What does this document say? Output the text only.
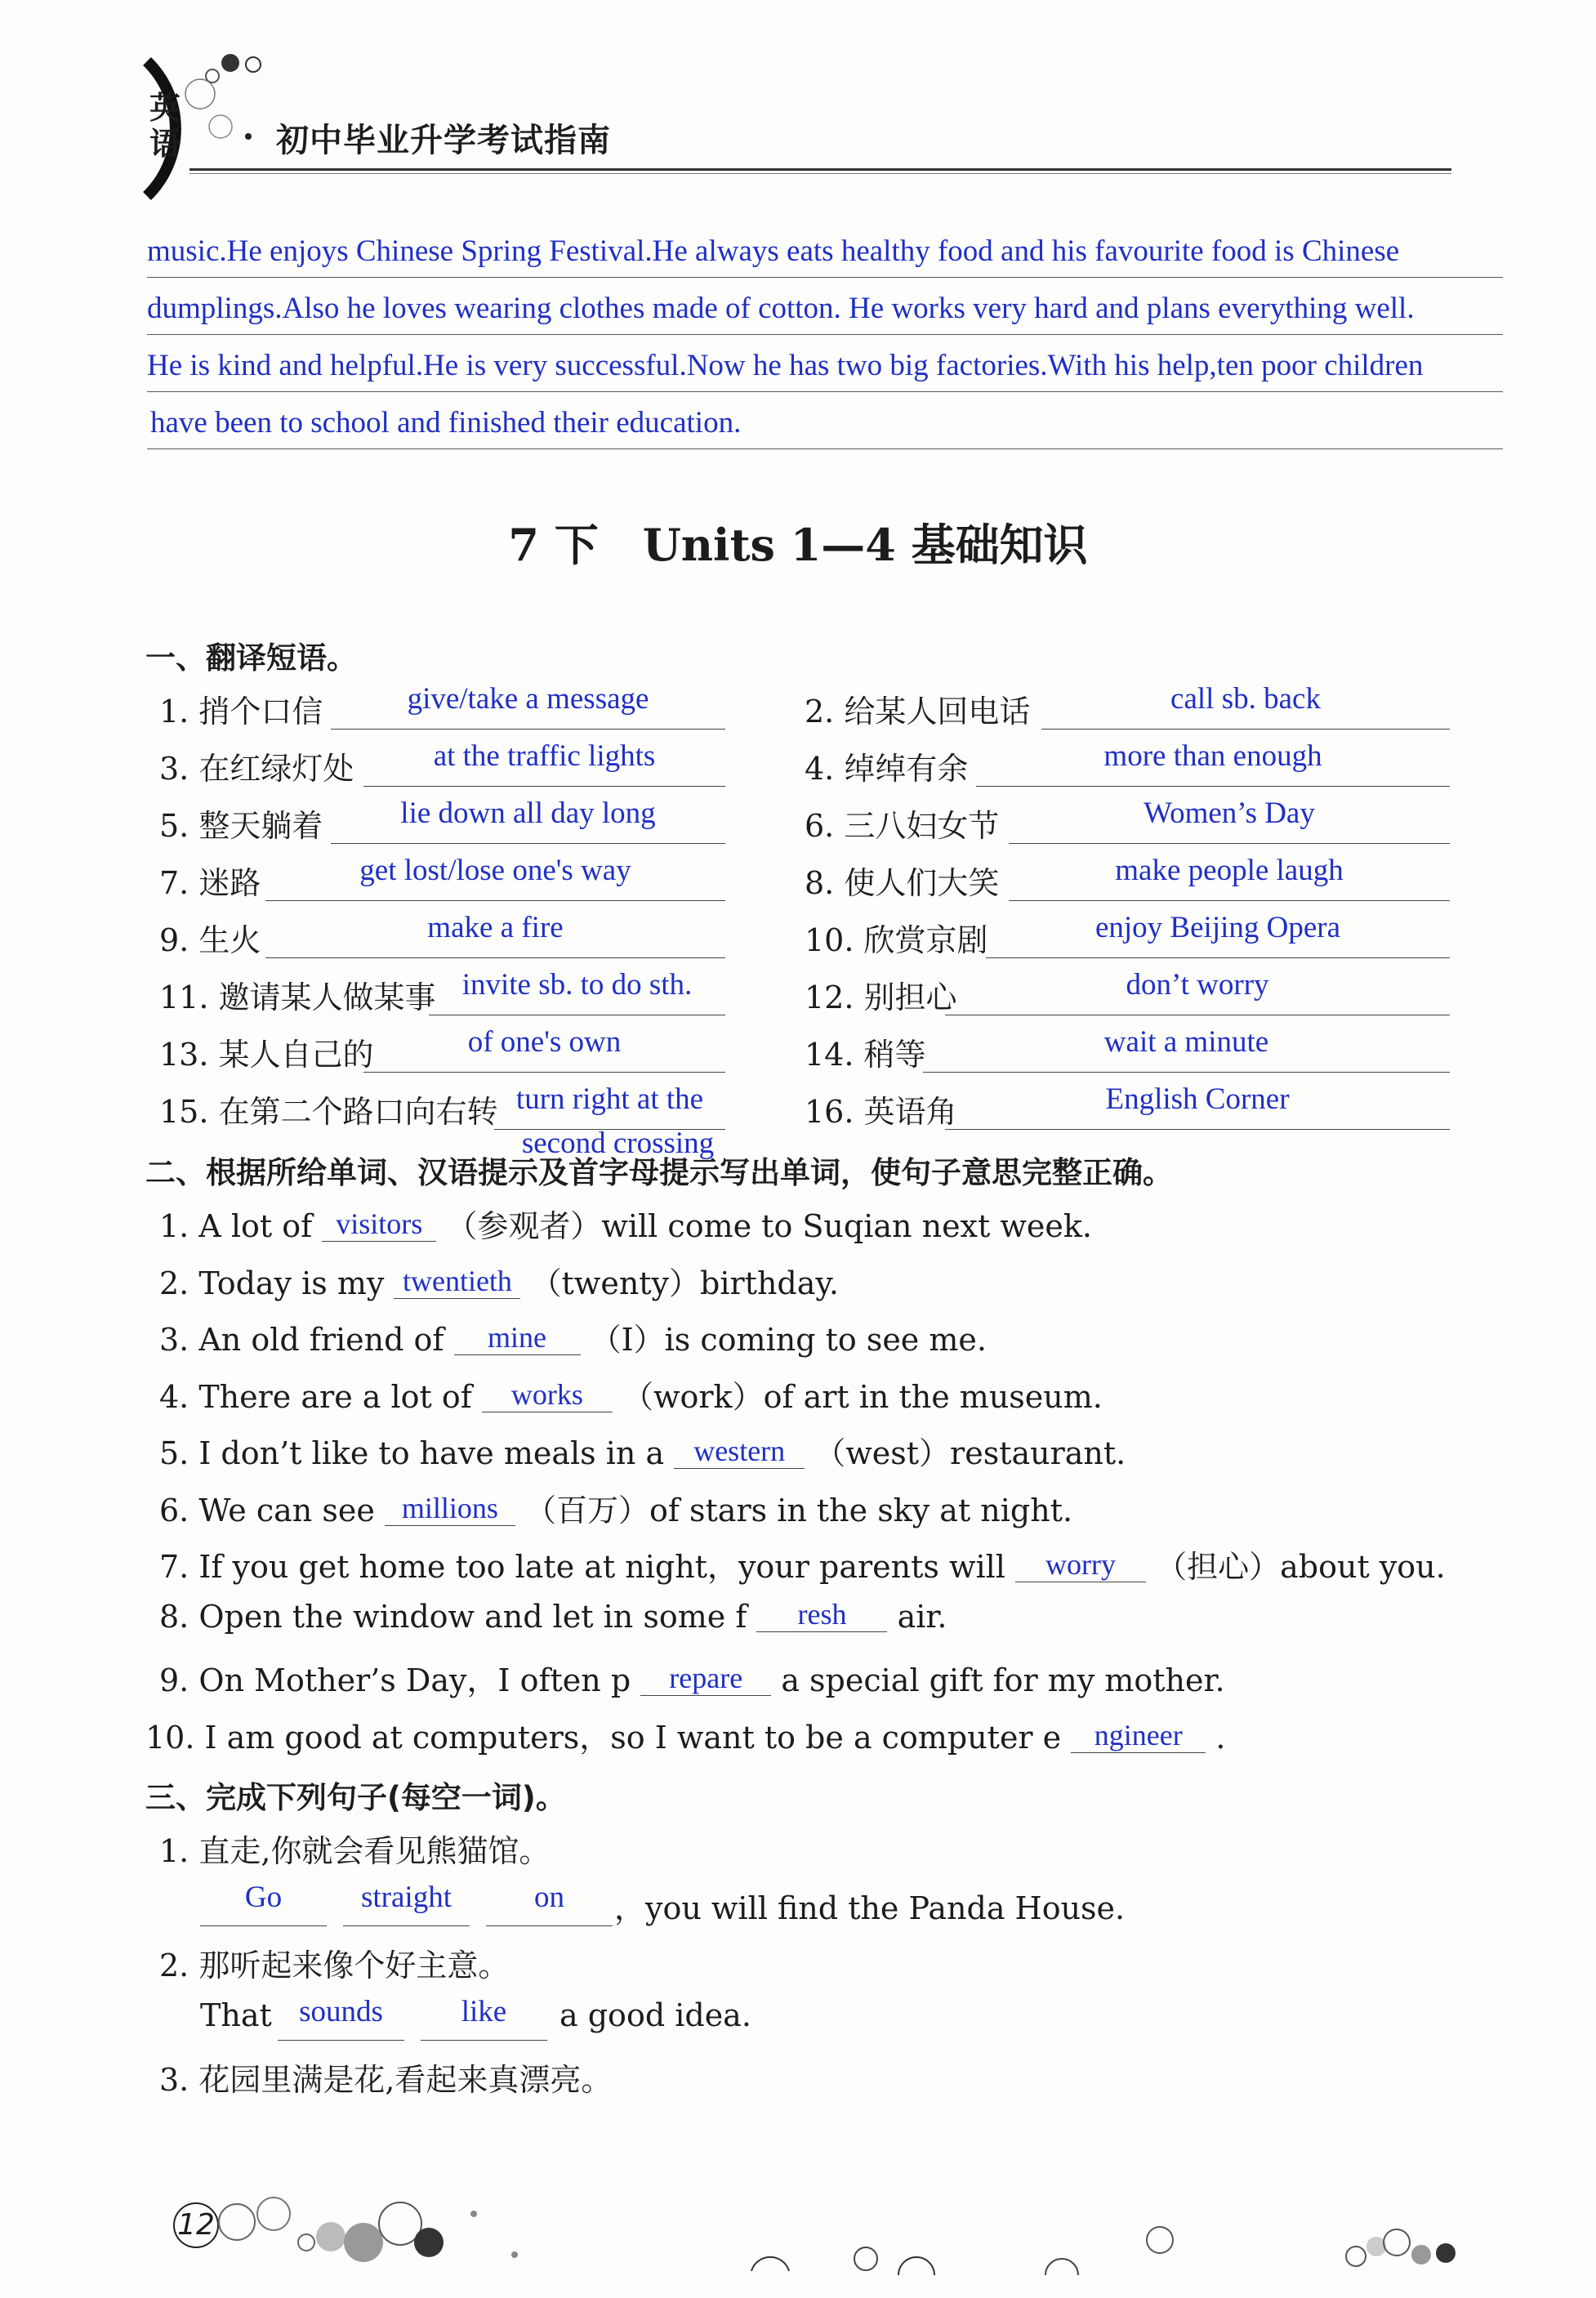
英
语	初中毕业升学考试指南
music.He enjoys Chinese Spring Festival.He always eats healthy food and his favourite food is Chinese
dumplings.Also he loves wearing clothes made of cotton. He works very hard and plans everything well.
He is kind and helpful.He is very successful.Now he has two big factories.With his help,ten poor children
have been to school and finished their education.
7 下　Units 1—4 基础知识
一、翻译短语。
1. 捎个口信	give/take a message	2. 给某人回电话	call sb. back
3. 在红绿灯处	at the traffic lights	4. 绰绰有余	more than enough
5. 整天躺着	lie down all day long	6. 三八妇女节	Women’s Day
7. 迷路	get lost/lose one's way	8. 使人们大笑	make people laugh
9. 生火	make a fire	10. 欣赏京剧	enjoy Beijing Opera
11. 邀请某人做某事 invite sb. to do sth.	12. 别担心	don’t worry
13. 某人自己的	of one's own	14. 稍等	wait a minute
15. 在第二个路口向右转 turn right at the
second crossing
16. 英语角	English Corner
二、根据所给单词、汉语提示及首字母提示写出单词，使句子意思完整正确。
1. A lot of visitors （参观者）will come to Suqian next week.
2. Today is my twentieth （twenty）birthday.
3. An old friend of mine （I）is coming to see me.
4. There are a lot of works （work）of art in the museum.
5. I don’t like to have meals in a western （west）restaurant.
6. We can see millions （百万）of stars in the sky at night.
7. If you get home too late at night，your parents will worry （担心）about you.
8. Open the window and let in some f resh air.
9. On Mother’s Day，I often p repare a special gift for my mother.
10. I am good at computers，so I want to be a computer e ngineer .
三、完成下列句子(每空一词)。
1. 直走,你就会看见熊猫馆。
Go	straight	on	，you will find the Panda House.
2. 那听起来像个好主意。
That sounds	like	a good idea.
3. 花园里满是花,看起来真漂亮。
12
